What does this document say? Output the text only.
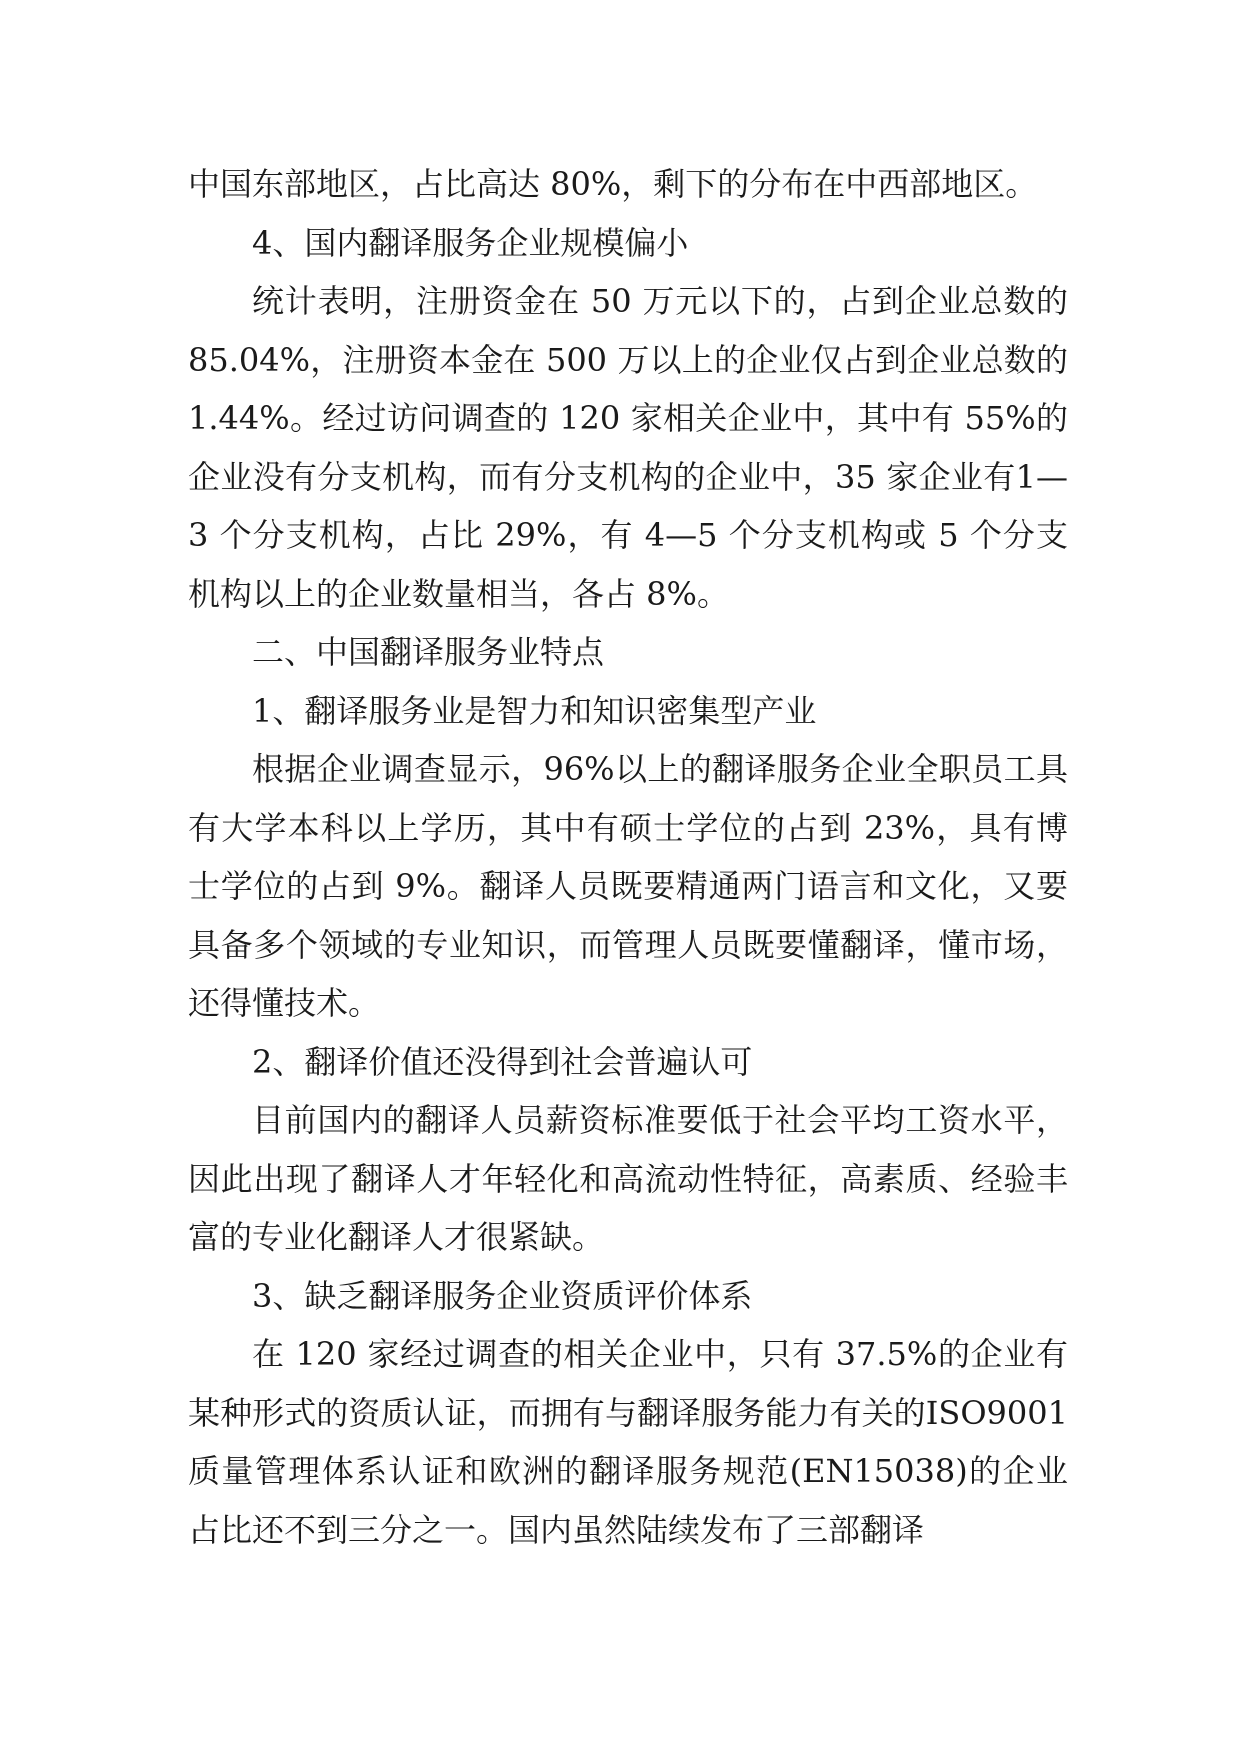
中国东部地区，占比高达 80%，剩下的分布在中西部地区。

4、国内翻译服务企业规模偏小

统计表明，注册资金在 50 万元以下的，占到企业总数的 85.04%，注册资本金在 500 万以上的企业仅占到企业总数的 1.44%。经过访问调查的 120 家相关企业中，其中有 55%的企业没有分支机构，而有分支机构的企业中，35 家企业有1—3 个分支机构，占比 29%，有 4—5 个分支机构或 5 个分支机构以上的企业数量相当，各占 8%。

二、中国翻译服务业特点

1、翻译服务业是智力和知识密集型产业

根据企业调查显示，96%以上的翻译服务企业全职员工具有大学本科以上学历，其中有硕士学位的占到 23%，具有博士学位的占到 9%。翻译人员既要精通两门语言和文化，又要具备多个领域的专业知识，而管理人员既要懂翻译，懂市场，还得懂技术。

2、翻译价值还没得到社会普遍认可

目前国内的翻译人员薪资标准要低于社会平均工资水平，因此出现了翻译人才年轻化和高流动性特征，高素质、经验丰富的专业化翻译人才很紧缺。

3、缺乏翻译服务企业资质评价体系

在 120 家经过调查的相关企业中，只有 37.5%的企业有某种形式的资质认证，而拥有与翻译服务能力有关的ISO9001 质量管理体系认证和欧洲的翻译服务规范(EN15038)的企业占比还不到三分之一。国内虽然陆续发布了三部翻译
